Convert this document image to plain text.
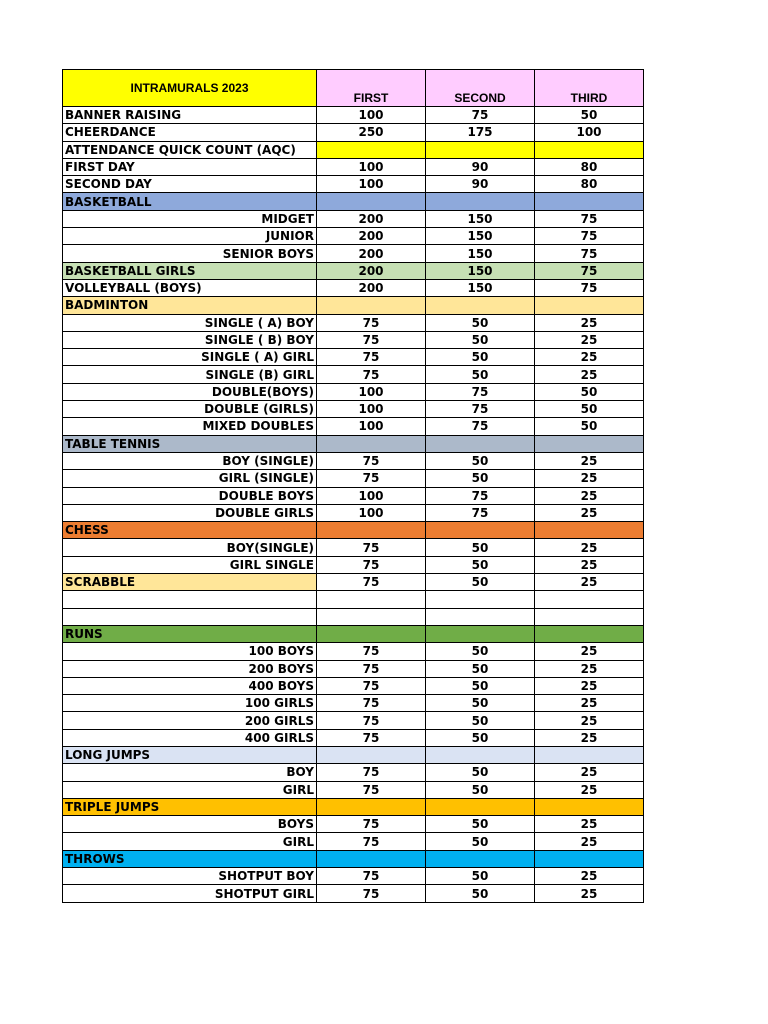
INTRAMURALS 2023	FIRST	SECOND	THIRD
BANNER RAISING	100	75	50
CHEERDANCE	250	175	100
ATTENDANCE QUICK COUNT (AQC)			
FIRST DAY	100	90	80
SECOND DAY	100	90	80
BASKETBALL			
MIDGET	200	150	75
JUNIOR	200	150	75
SENIOR BOYS	200	150	75
BASKETBALL GIRLS	200	150	75
VOLLEYBALL (BOYS)	200	150	75
BADMINTON			
SINGLE ( A) BOY	75	50	25
SINGLE ( B) BOY	75	50	25
SINGLE ( A) GIRL	75	50	25
SINGLE (B) GIRL	75	50	25
DOUBLE(BOYS)	100	75	50
DOUBLE (GIRLS)	100	75	50
MIXED DOUBLES	100	75	50
TABLE TENNIS			
BOY (SINGLE)	75	50	25
GIRL (SINGLE)	75	50	25
DOUBLE BOYS	100	75	25
DOUBLE GIRLS	100	75	25
CHESS			
BOY(SINGLE)	75	50	25
GIRL SINGLE	75	50	25
SCRABBLE	75	50	25

RUNS			
100 BOYS	75	50	25
200 BOYS	75	50	25
400 BOYS	75	50	25
100 GIRLS	75	50	25
200 GIRLS	75	50	25
400 GIRLS	75	50	25
LONG JUMPS			
BOY	75	50	25
GIRL	75	50	25
TRIPLE JUMPS			
BOYS	75	50	25
GIRL	75	50	25
THROWS			
SHOTPUT BOY	75	50	25
SHOTPUT GIRL	75	50	25
